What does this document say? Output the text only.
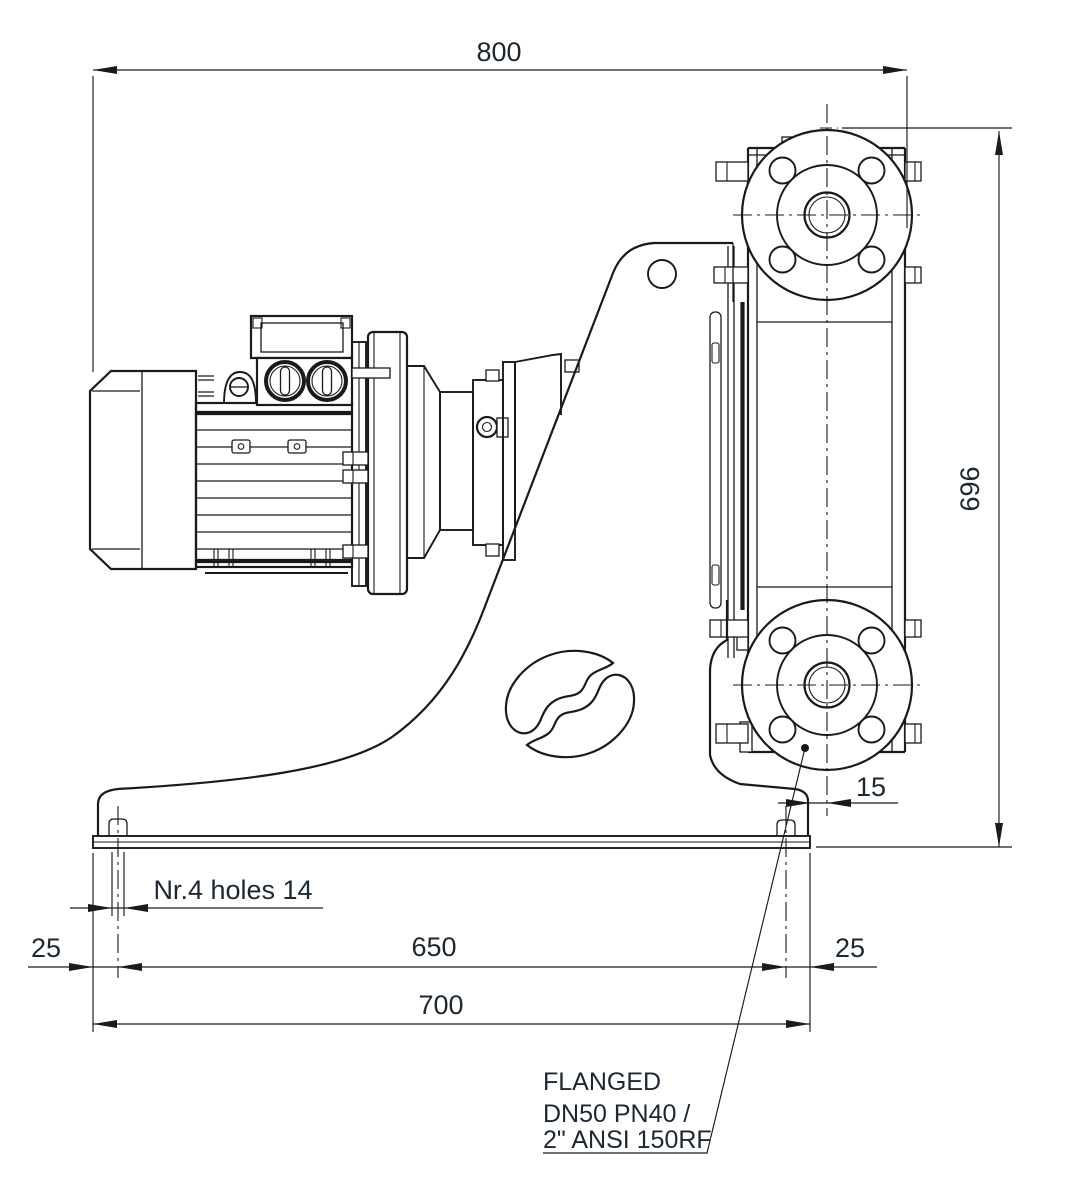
800
696
15
Nr.4 holes 14
25	650	25
700
FLANGED
DN50 PN40 /
2" ANSI 150RF
